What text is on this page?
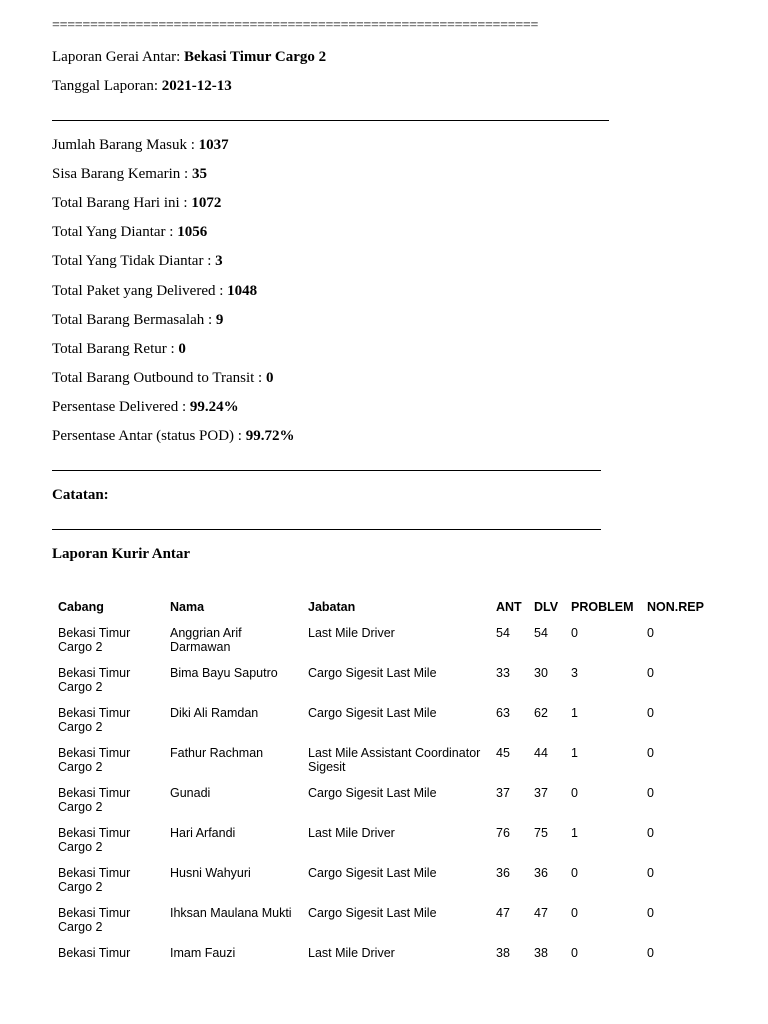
================================================================
Laporan Gerai Antar: Bekasi Timur Cargo 2
Tanggal Laporan: 2021-12-13
Jumlah Barang Masuk : 1037
Sisa Barang Kemarin : 35
Total Barang Hari ini : 1072
Total Yang Diantar : 1056
Total Yang Tidak Diantar : 3
Total Paket yang Delivered : 1048
Total Barang Bermasalah : 9
Total Barang Retur : 0
Total Barang Outbound to Transit : 0
Persentase Delivered : 99.24%
Persentase Antar (status POD) : 99.72%
Catatan:
Laporan Kurir Antar
Cabang	Nama	Jabatan	ANT	DLV	PROBLEM	NON.REP
Bekasi Timur Cargo 2	Anggrian Arif Darmawan	Last Mile Driver	54	54	0	0
Bekasi Timur Cargo 2	Bima Bayu Saputro	Cargo Sigesit Last Mile	33	30	3	0
Bekasi Timur Cargo 2	Diki Ali Ramdan	Cargo Sigesit Last Mile	63	62	1	0
Bekasi Timur Cargo 2	Fathur Rachman	Last Mile Assistant Coordinator Sigesit	45	44	1	0
Bekasi Timur Cargo 2	Gunadi	Cargo Sigesit Last Mile	37	37	0	0
Bekasi Timur Cargo 2	Hari Arfandi	Last Mile Driver	76	75	1	0
Bekasi Timur Cargo 2	Husni Wahyuri	Cargo Sigesit Last Mile	36	36	0	0
Bekasi Timur Cargo 2	Ihksan Maulana Mukti	Cargo Sigesit Last Mile	47	47	0	0
Bekasi Timur	Imam Fauzi	Last Mile Driver	38	38	0	0
